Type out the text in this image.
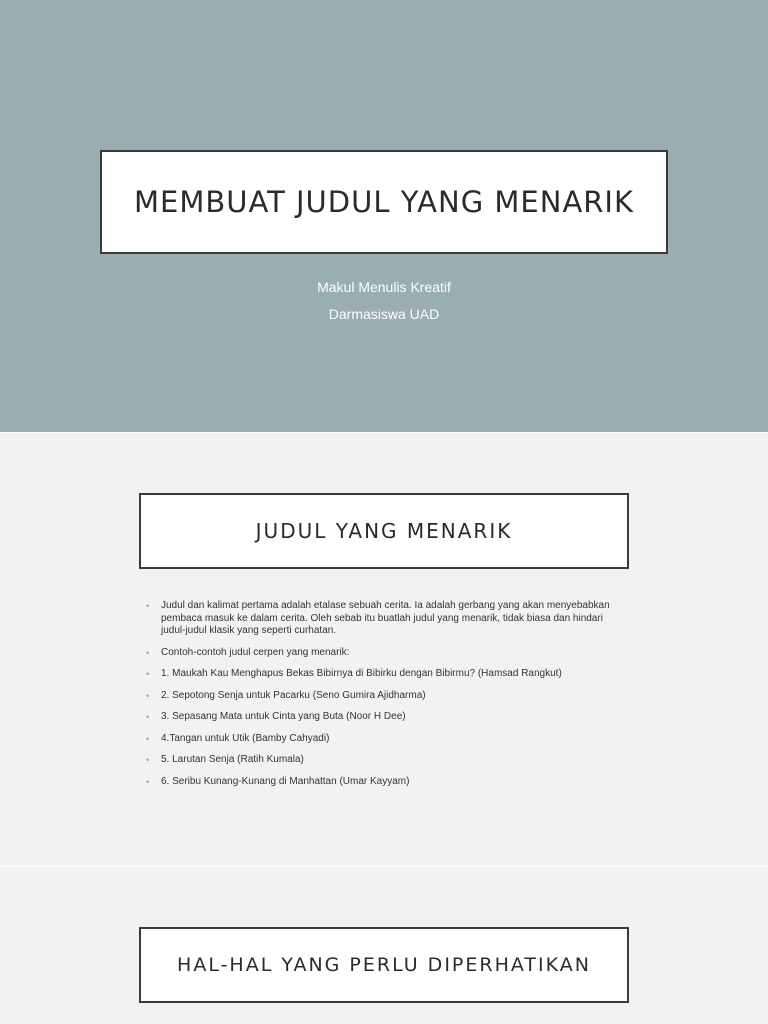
MEMBUAT JUDUL YANG MENARIK
Makul Menulis Kreatif
Darmasiswa UAD
JUDUL YANG MENARIK
• Judul dan kalimat pertama adalah etalase sebuah cerita. Ia adalah gerbang yang akan menyebabkan pembaca masuk ke dalam cerita. Oleh sebab itu buatlah judul yang menarik, tidak biasa dan hindari judul-judul klasik yang seperti curhatan.
• Contoh-contoh judul cerpen yang menarik:
• 1. Maukah Kau Menghapus Bekas Bibirnya di Bibirku dengan Bibirmu? (Hamsad Rangkut)
• 2. Sepotong Senja untuk Pacarku (Seno Gumira Ajidharma)
• 3. Sepasang Mata untuk Cinta yang Buta (Noor H Dee)
• 4.Tangan untuk Utik (Bamby Cahyadi)
• 5. Larutan Senja (Ratih Kumala)
• 6. Seribu Kunang-Kunang di Manhattan (Umar Kayyam)
HAL-HAL YANG PERLU DIPERHATIKAN
